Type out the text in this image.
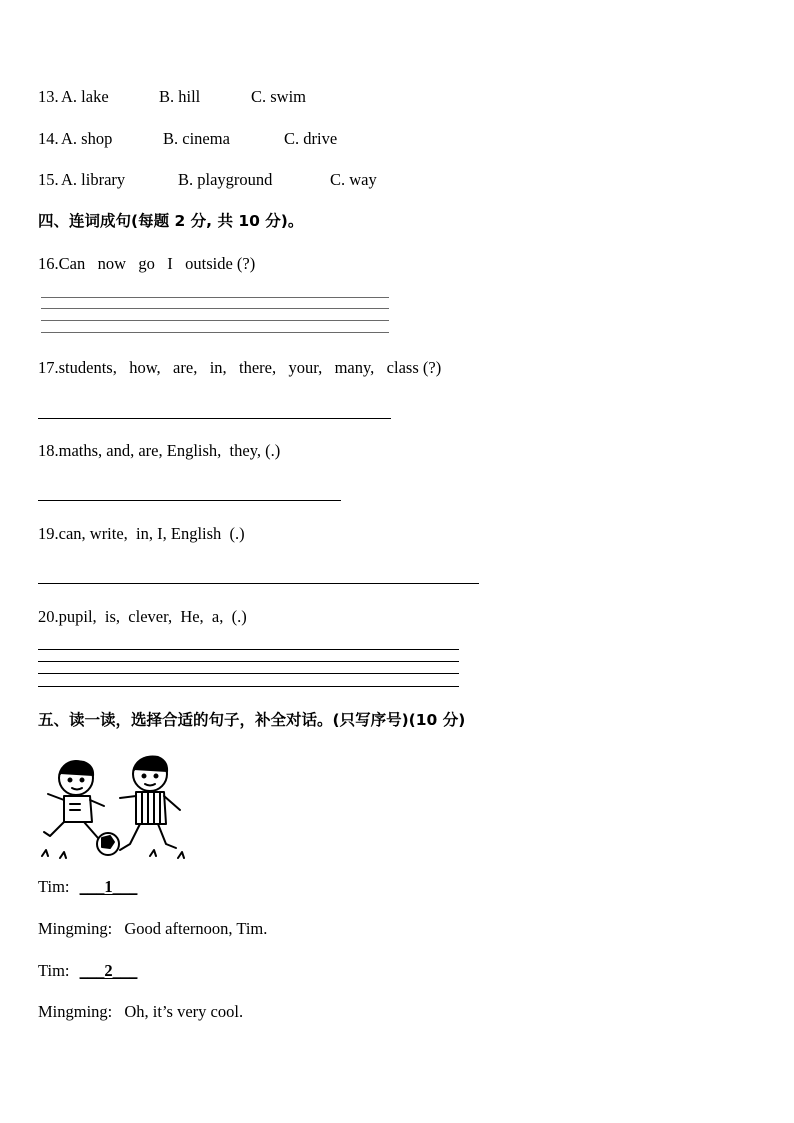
13. A. lake	B. hill	C. swim
14. A. shop	B. cinema	C. drive
15. A. library	B. playground	C. way
四、连词成句(每题 2 分, 共 10 分)。
16.Can   now   go   I   outside (?)
17.students,   how,   are,   in,   there,   your,   many,   class (?)
18.maths, and, are, English,  they, (.)
19.can, write,  in, I, English  (.)
20.pupil,  is,  clever,  He,  a,  (.)
五、读一读，选择合适的句子，补全对话。(只写序号)(10 分)
Tim: ___1___
Mingming: Good afternoon, Tim.
Tim: ___2___
Mingming: Oh, it’s very cool.
